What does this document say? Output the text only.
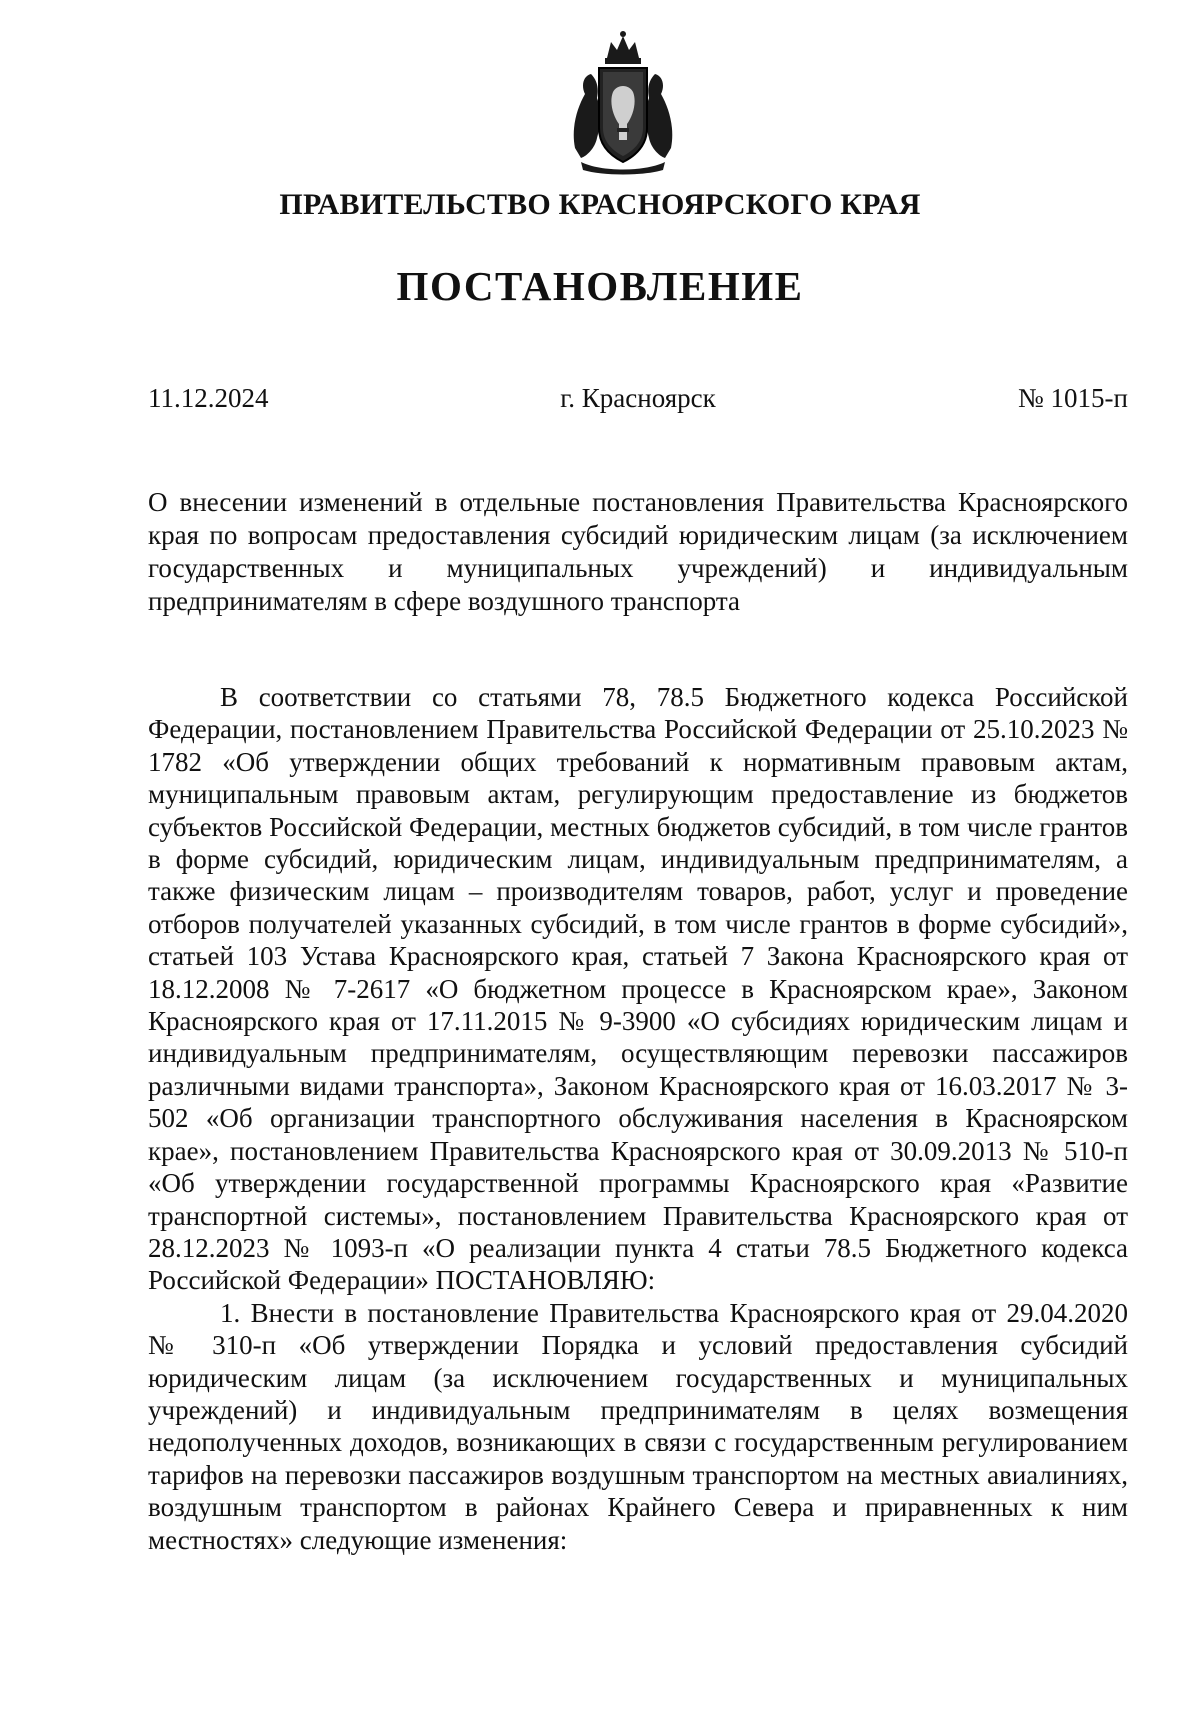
ПРАВИТЕЛЬСТВО КРАСНОЯРСКОГО КРАЯ
ПОСТАНОВЛЕНИЕ
11.12.2024	г. Красноярск	№ 1015-п
О внесении изменений в отдельные постановления Правительства Красноярского края по вопросам предоставления субсидий юридическим лицам (за исключением государственных и муниципальных учреждений) и индивидуальным предпринимателям в сфере воздушного транспорта

В соответствии со статьями 78, 78.5 Бюджетного кодекса Российской Федерации, постановлением Правительства Российской Федерации от 25.10.2023 № 1782 «Об утверждении общих требований к нормативным правовым актам, муниципальным правовым актам, регулирующим предоставление из бюджетов субъектов Российской Федерации, местных бюджетов субсидий, в том числе грантов в форме субсидий, юридическим лицам, индивидуальным предпринимателям, а также физическим лицам – производителям товаров, работ, услуг и проведение отборов получателей указанных субсидий, в том числе грантов в форме субсидий», статьей 103 Устава Красноярского края, статьей 7 Закона Красноярского края от 18.12.2008 № 7-2617 «О бюджетном процессе в Красноярском крае», Законом Красноярского края от 17.11.2015 № 9-3900 «О субсидиях юридическим лицам и индивидуальным предпринимателям, осуществляющим перевозки пассажиров различными видами транспорта», Законом Красноярского края от 16.03.2017 № 3-502 «Об организации транспортного обслуживания населения в Красноярском крае», постановлением Правительства Красноярского края от 30.09.2013 № 510-п «Об утверждении государственной программы Красноярского края «Развитие транспортной системы», постановлением Правительства Красноярского края от 28.12.2023 № 1093-п «О реализации пункта 4 статьи 78.5 Бюджетного кодекса Российской Федерации» ПОСТАНОВЛЯЮ:

1. Внести в постановление Правительства Красноярского края от 29.04.2020 № 310-п «Об утверждении Порядка и условий предоставления субсидий юридическим лицам (за исключением государственных и муниципальных учреждений) и индивидуальным предпринимателям в целях возмещения недополученных доходов, возникающих в связи с государственным регулированием тарифов на перевозки пассажиров воздушным транспортом на местных авиалиниях, воздушным транспортом в районах Крайнего Севера и приравненных к ним местностях» следующие изменения:
